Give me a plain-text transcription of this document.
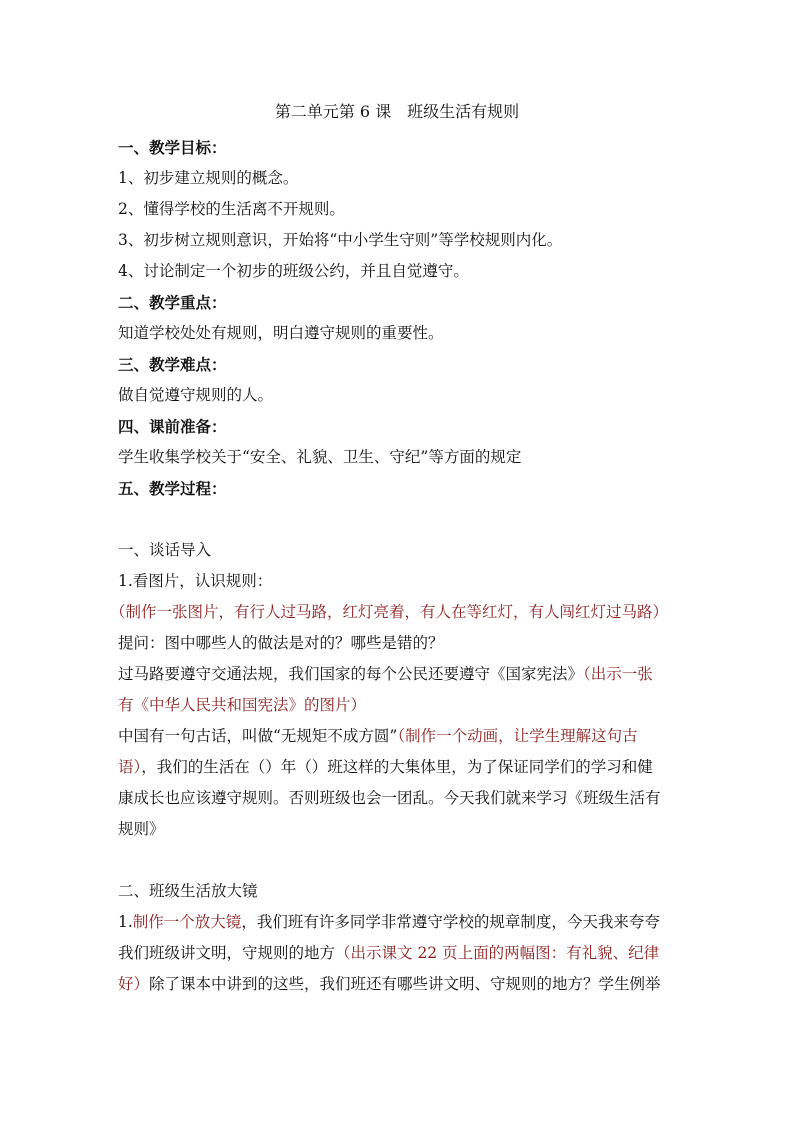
第二单元第 6 课　班级生活有规则
一、教学目标：
1、初步建立规则的概念。
2、懂得学校的生活离不开规则。
3、初步树立规则意识，开始将“中小学生守则”等学校规则内化。
4、讨论制定一个初步的班级公约，并且自觉遵守。
二、教学重点：
知道学校处处有规则，明白遵守规则的重要性。
三、教学难点：
做自觉遵守规则的人。
四、课前准备：
学生收集学校关于“安全、礼貌、卫生、守纪”等方面的规定
五、教学过程：
一、谈话导入
1.看图片，认识规则：
（制作一张图片，有行人过马路，红灯亮着，有人在等红灯，有人闯红灯过马路）
提问：图中哪些人的做法是对的？哪些是错的？
过马路要遵守交通法规，我们国家的每个公民还要遵守《国家宪法》（出示一张
有《中华人民共和国宪法》的图片）
中国有一句古话，叫做“无规矩不成方圆”（制作一个动画，让学生理解这句古
语），我们的生活在（）年（）班这样的大集体里，为了保证同学们的学习和健
康成长也应该遵守规则。否则班级也会一团乱。今天我们就来学习《班级生活有
规则》
二、班级生活放大镜
1.制作一个放大镜，我们班有许多同学非常遵守学校的规章制度，今天我来夸夸
我们班级讲文明，守规则的地方（出示课文 22 页上面的两幅图：有礼貌、纪律
好）除了课本中讲到的这些，我们班还有哪些讲文明、守规则的地方？学生例举
